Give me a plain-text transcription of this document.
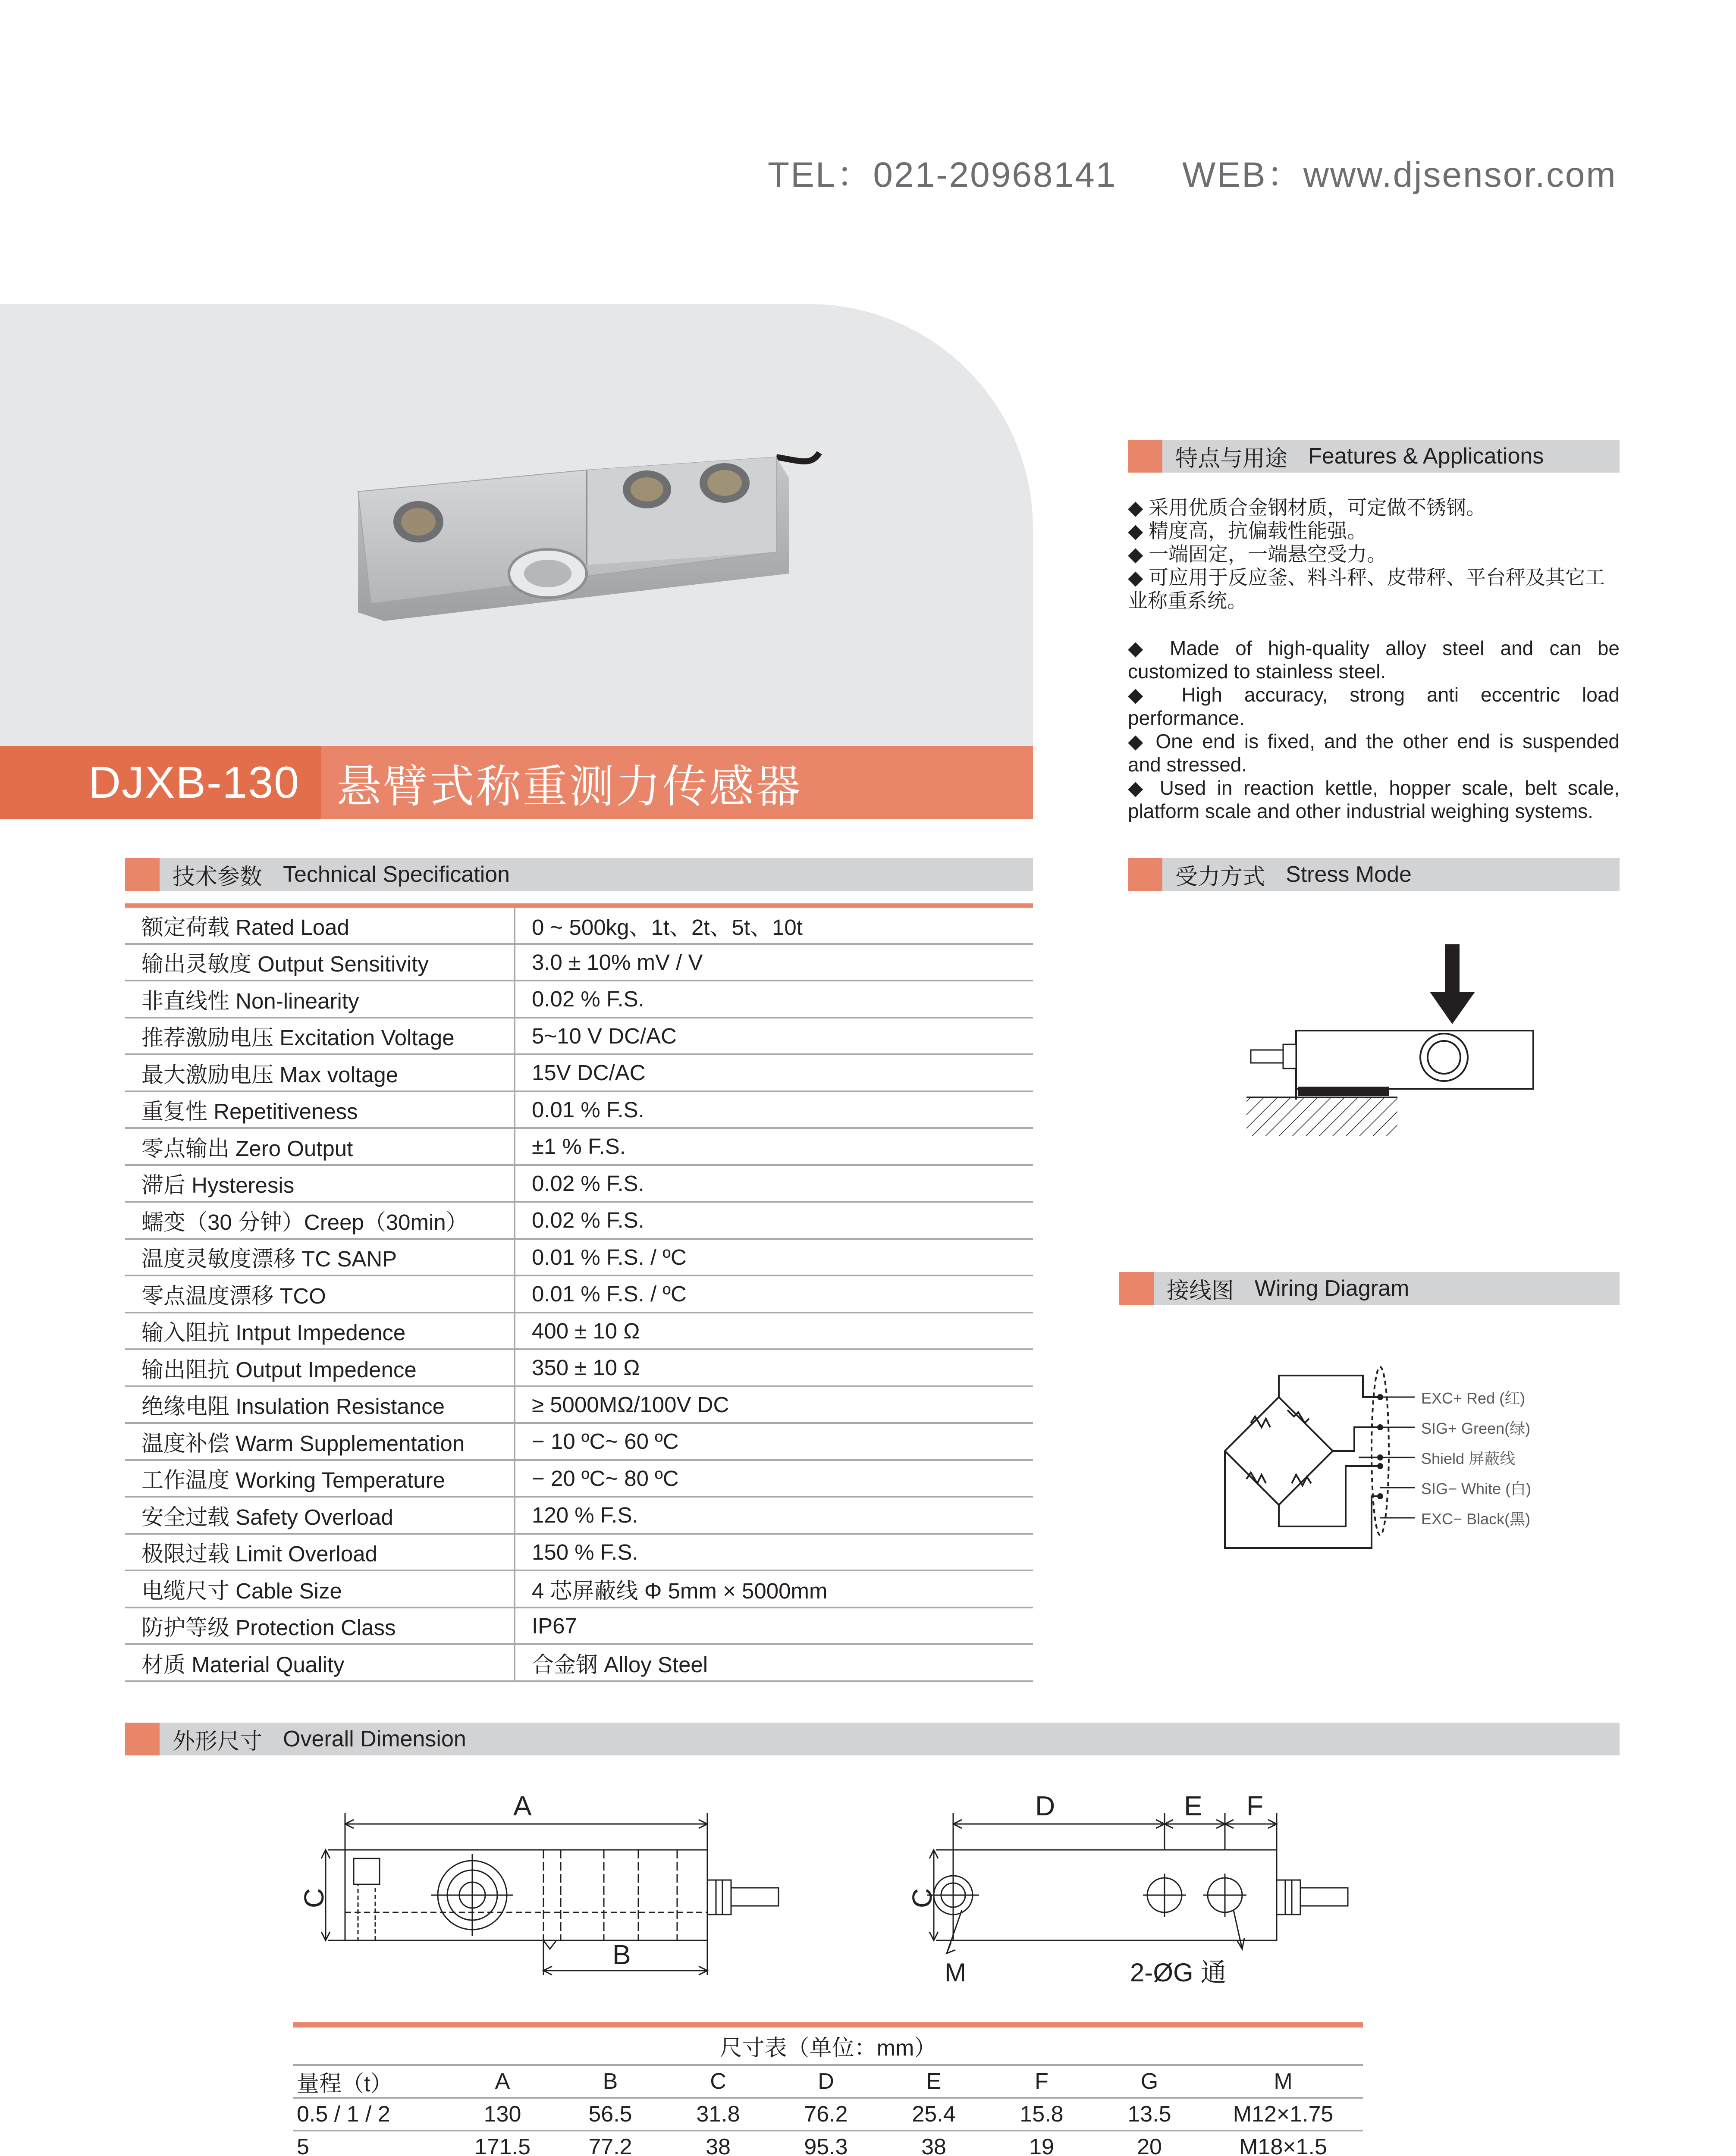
TEL：021-20968141 WEB：www.djsensor.com
DJXB-130 悬臂式称重测力传感器
特点与用途 Features & Applications

◆ 采用优质合金钢材质，可定做不锈钢。

◆ 精度高，抗偏载性能强。

◆ 一端固定，一端悬空受力。

◆ 可应用于反应釜、料斗秤、皮带秤、平台秤及其它工业称重系统。

◆ Made of high-quality alloy steel and can be customized to stainless steel.

◆ High accuracy, strong anti eccentric load performance.

◆ One end is fixed, and the other end is suspended and stressed.

◆ Used in reaction kettle, hopper scale, belt scale, platform scale and other industrial weighing systems.

受力方式 Stress Mode
接线图 Wiring Diagram
EXC+ Red (红)
SIG+ Green(绿)
Shield 屏蔽线
SIG− White (白)
EXC− Black(黑)
技术参数 Technical Specification
额定荷载 Rated Load	0 ~ 500kg、1t、2t、5t、10t
输出灵敏度 Output Sensitivity	3.0 ± 10% mV / V
非直线性 Non-linearity	0.02 % F.S.
推荐激励电压 Excitation Voltage	5~10 V DC/AC
最大激励电压 Max voltage	15V DC/AC
重复性 Repetitiveness	0.01 % F.S.
零点输出 Zero Output	±1 % F.S.
滞后 Hysteresis	0.02 % F.S.
蠕变（30 分钟）Creep（30min）	0.02 % F.S.
温度灵敏度漂移 TC SANP	0.01 % F.S. / ºC
零点温度漂移 TCO	0.01 % F.S. / ºC
输入阻抗 Intput Impedence	400 ± 10 Ω
输出阻抗 Output Impedence	350 ± 10 Ω
绝缘电阻 Insulation Resistance	≥ 5000MΩ/100V DC
温度补偿 Warm Supplementation	− 10 ºC~ 60 ºC
工作温度 Working Temperature	− 20 ºC~ 80 ºC
安全过载 Safety Overload	120 % F.S.
极限过载 Limit Overload	150 % F.S.
电缆尺寸 Cable Size	4 芯屏蔽线 Φ 5mm × 5000mm
防护等级 Protection Class	IP67
材质 Material Quality	合金钢 Alloy Steel
外形尺寸 Overall Dimension
A
B
C
D	E F
M	2-ØG 通
C
尺寸表（单位：mm）
量程（t）	A	B	C	D	E	F	G	M
0.5 / 1 / 2	130	56.5	31.8	76.2	25.4	15.8	13.5	M12×1.75
5	171.5	77.2	38	95.3	38	19	20	M18×1.5
